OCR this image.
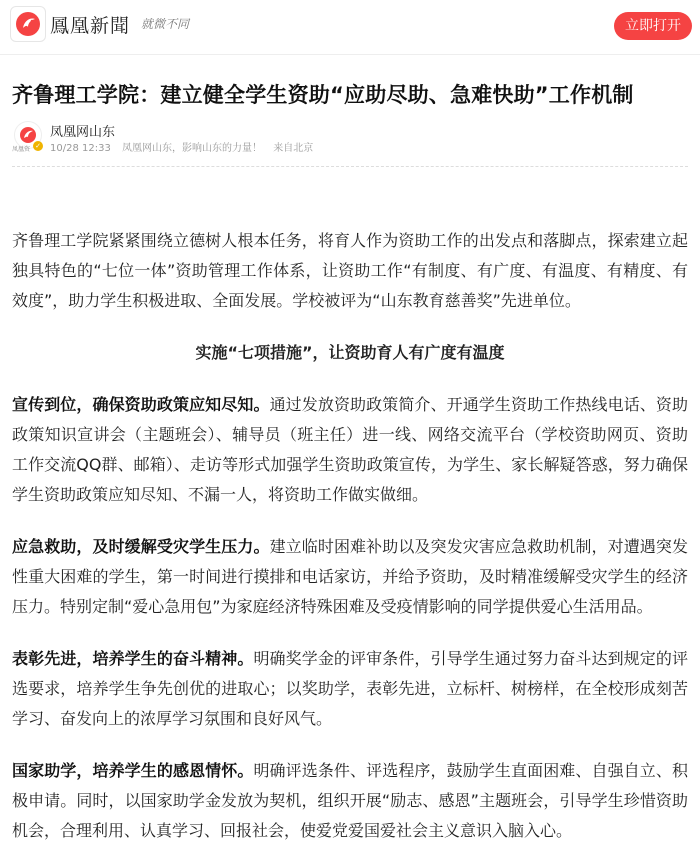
鳳凰新聞 就微不同	立即打开
齐鲁理工学院：建立健全学生资助“应助尽助、急难快助”工作机制
凤凰资 ✓
凤凰网山东
10/28 12:33 凤凰网山东，影响山东的力量！ 来自北京

齐鲁理工学院紧紧围绕立德树人根本任务，将育人作为资助工作的出发点和落脚点，探索建立起独具特色的“七位一体”资助管理工作体系，让资助工作“有制度、有广度、有温度、有精度、有效度”，助力学生积极进取、全面发展。学校被评为“山东教育慈善奖”先进单位。

实施“七项措施”，让资助育人有广度有温度

宣传到位，确保资助政策应知尽知。通过发放资助政策简介、开通学生资助工作热线电话、资助政策知识宣讲会（主题班会）、辅导员（班主任）进一线、网络交流平台（学校资助网页、资助工作交流QQ群、邮箱）、走访等形式加强学生资助政策宣传，为学生、家长解疑答惑，努力确保学生资助政策应知尽知、不漏一人，将资助工作做实做细。

应急救助，及时缓解受灾学生压力。建立临时困难补助以及突发灾害应急救助机制，对遭遇突发性重大困难的学生，第一时间进行摸排和电话家访，并给予资助，及时精准缓解受灾学生的经济压力。特别定制“爱心急用包”为家庭经济特殊困难及受疫情影响的同学提供爱心生活用品。

表彰先进，培养学生的奋斗精神。明确奖学金的评审条件，引导学生通过努力奋斗达到规定的评选要求，培养学生争先创优的进取心；以奖助学，表彰先进，立标杆、树榜样，在全校形成刻苦学习、奋发向上的浓厚学习氛围和良好风气。

国家助学，培养学生的感恩情怀。明确评选条件、评选程序，鼓励学生直面困难、自强自立、积极申请。同时，以国家助学金发放为契机，组织开展“励志、感恩”主题班会，引导学生珍惜资助机会，合理利用、认真学习、回报社会，使爱党爱国爱社会主义意识入脑入心。
